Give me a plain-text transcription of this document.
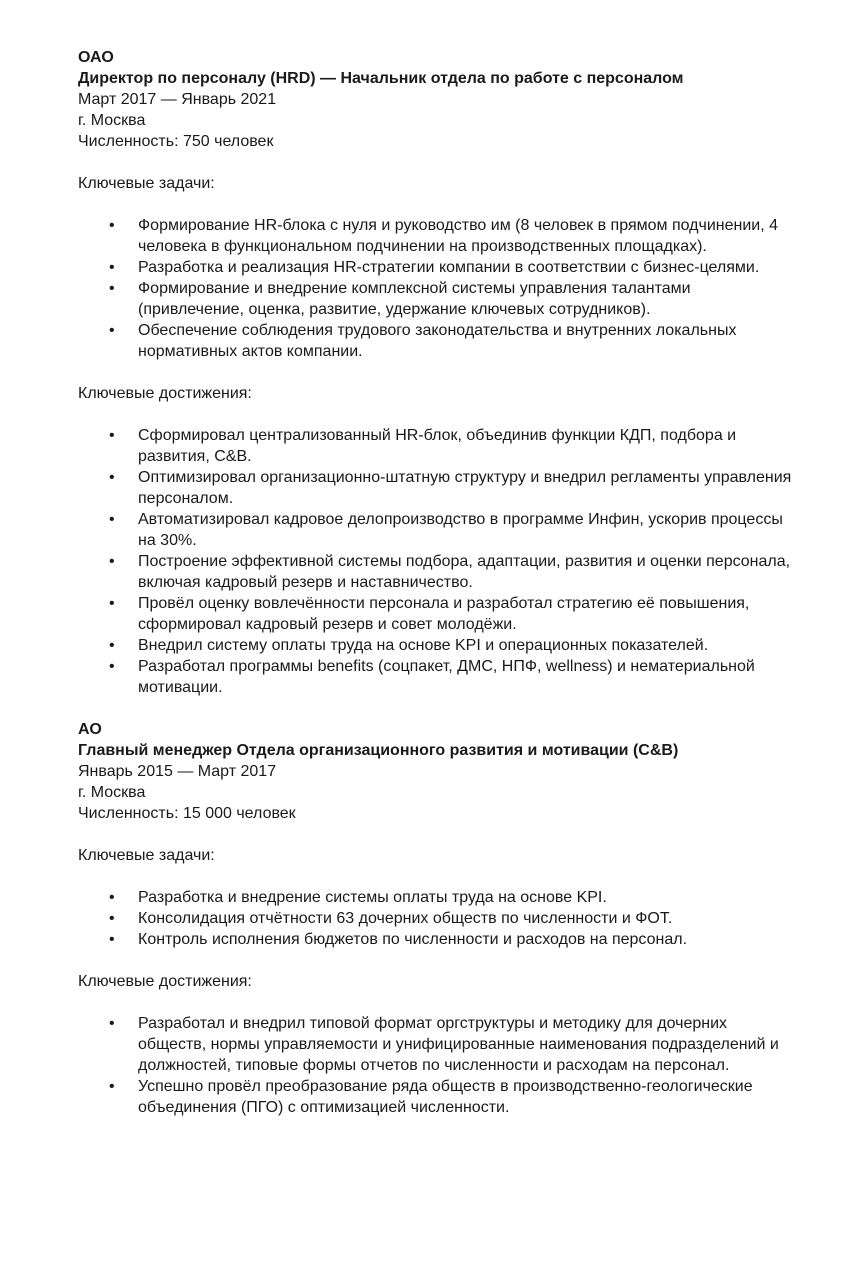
ОАО

Директор по персоналу (HRD) — Начальник отдела по работе с персоналом

Март 2017 — Январь 2021

г. Москва

Численность: 750 человек

Ключевые задачи:

• Формирование HR-блока с нуля и руководство им (8 человек в прямом подчинении, 4 человека в функциональном подчинении на производственных площадках).
• Разработка и реализация HR-стратегии компании в соответствии с бизнес-целями.
• Формирование и внедрение комплексной системы управления талантами (привлечение, оценка, развитие, удержание ключевых сотрудников).
• Обеспечение соблюдения трудового законодательства и внутренних локальных нормативных актов компании.

Ключевые достижения:

• Сформировал централизованный HR-блок, объединив функции КДП, подбора и развития, C&B.
• Оптимизировал организационно-штатную структуру и внедрил регламенты управления персоналом.
• Автоматизировал кадровое делопроизводство в программе Инфин, ускорив процессы на 30%.
• Построение эффективной системы подбора, адаптации, развития и оценки персонала, включая кадровый резерв и наставничество.
• Провёл оценку вовлечённости персонала и разработал стратегию её повышения, сформировал кадровый резерв и совет молодёжи.
• Внедрил систему оплаты труда на основе KPI и операционных показателей.
• Разработал программы benefits (соцпакет, ДМС, НПФ, wellness) и нематериальной мотивации.

АО

Главный менеджер Отдела организационного развития и мотивации (C&B)

Январь 2015 — Март 2017

г. Москва

Численность: 15 000 человек

Ключевые задачи:

• Разработка и внедрение системы оплаты труда на основе KPI.
• Консолидация отчётности 63 дочерних обществ по численности и ФОТ.
• Контроль исполнения бюджетов по численности и расходов на персонал.

Ключевые достижения:

• Разработал и внедрил типовой формат оргструктуры и методику для дочерних обществ, нормы управляемости и унифицированные наименования подразделений и должностей, типовые формы отчетов по численности и расходам на персонал.
• Успешно провёл преобразование ряда обществ в производственно-геологические объединения (ПГО) с оптимизацией численности.
